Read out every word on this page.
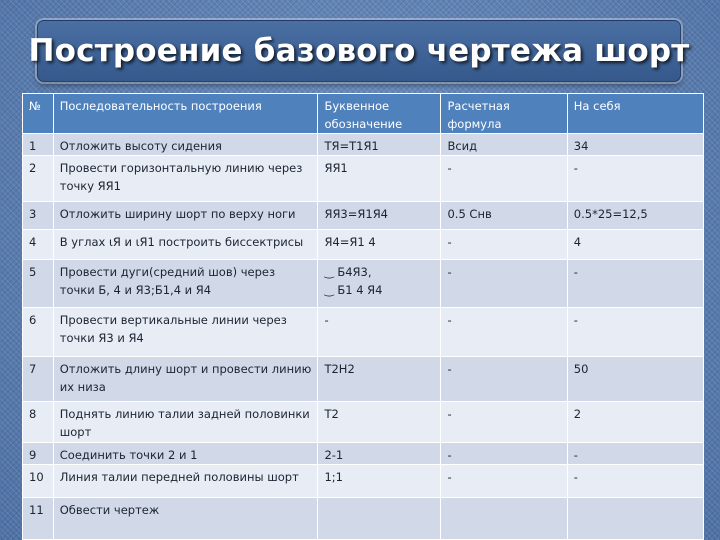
Построение базового чертежа шорт
№	Последовательность построения	Буквенное обозначение	Расчетная формула	На себя
1	Отложить высоту сидения	ТЯ=Т1Я1	Всид	34
2	Провести горизонтальную линию через точку ЯЯ1	ЯЯ1	-	-
3	Отложить ширину шорт по верху ноги	ЯЯ3=Я1Я4	0.5 Снв	0.5*25=12,5
4	В углах ιЯ и ιЯ1 построить биссектрисы	Я4=Я1 4	-	4
5	Провести дуги(средний шов) через точки Б, 4 и Я3;Б1,4 и Я4	‿ Б4Я3,
‿ Б1 4 Я4	-	-
6	Провести вертикальные линии через точки Я3 и Я4	-	-	-
7	Отложить длину шорт и провести линию их низа	Т2Н2	-	50
8	Поднять линию талии задней половинки шорт	Т2	-	2
9	Соединить точки 2 и 1	2-1	-	-
10	Линия талии передней половины шорт	1;1	-	-
11	Обвести чертеж			
